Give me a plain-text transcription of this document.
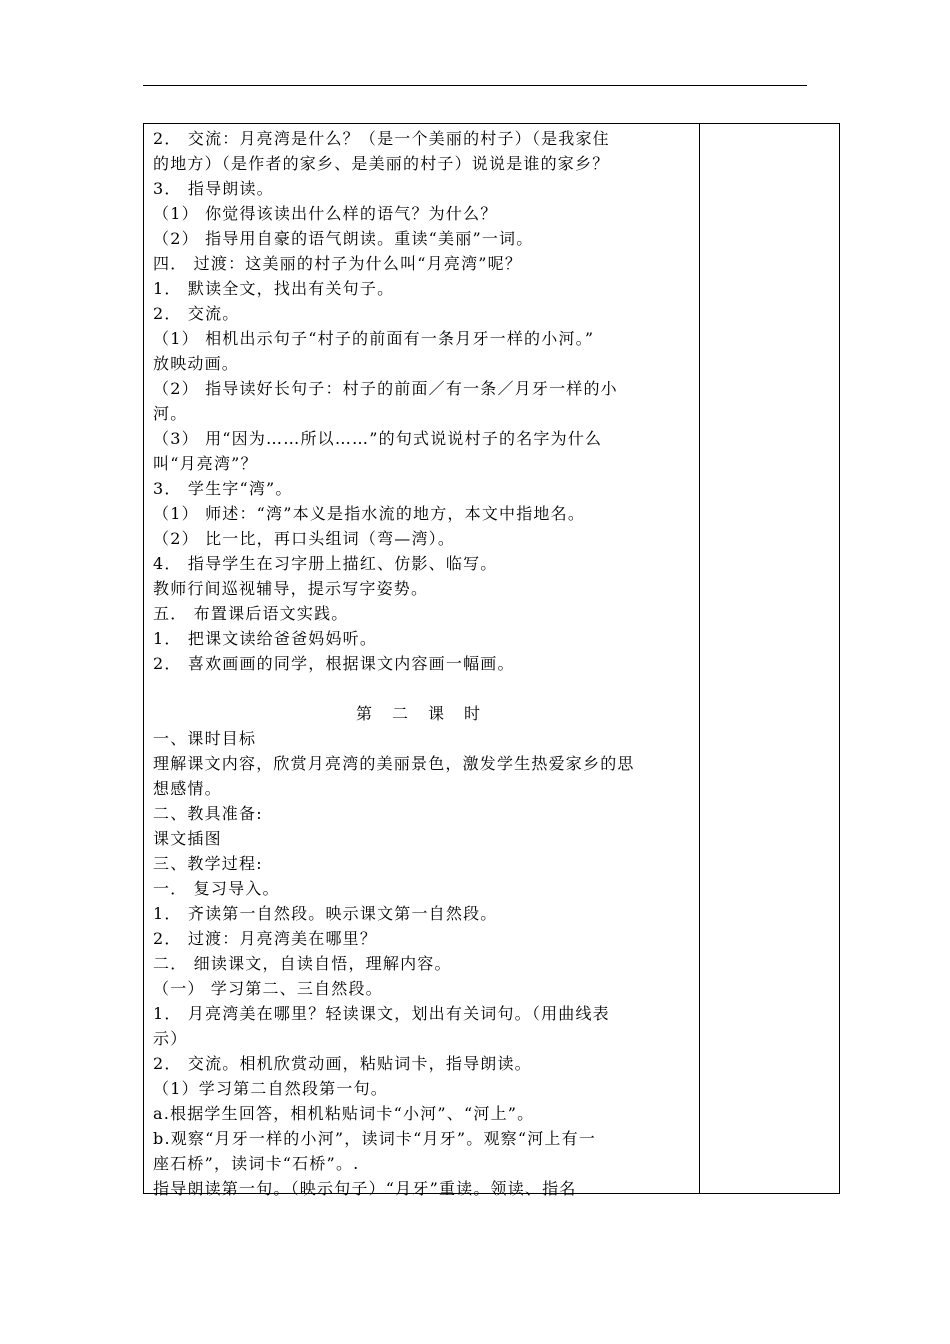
2． 交流：月亮湾是什么？（是一个美丽的村子）（是我家住
的地方）（是作者的家乡、是美丽的村子）说说是谁的家乡？
3． 指导朗读。
（1） 你觉得该读出什么样的语气？为什么？
（2） 指导用自豪的语气朗读。重读“美丽”一词。
四． 过渡：这美丽的村子为什么叫“月亮湾”呢？
1． 默读全文，找出有关句子。
2． 交流。
（1） 相机出示句子“村子的前面有一条月牙一样的小河。”
放映动画。
（2） 指导读好长句子：村子的前面／有一条／月牙一样的小
河。
（3） 用“因为……所以……”的句式说说村子的名字为什么
叫“月亮湾”？
3． 学生字“湾”。
（1） 师述：“湾”本义是指水流的地方，本文中指地名。
（2） 比一比，再口头组词（弯—湾）。
4． 指导学生在习字册上描红、仿影、临写。
教师行间巡视辅导，提示写字姿势。
五． 布置课后语文实践。
1． 把课文读给爸爸妈妈听。
2． 喜欢画画的同学，根据课文内容画一幅画。
第二课时
一、课时目标
理解课文内容，欣赏月亮湾的美丽景色，激发学生热爱家乡的思
想感情。
二、教具准备:
课文插图
三、教学过程:
一． 复习导入。
1． 齐读第一自然段。映示课文第一自然段。
2． 过渡：月亮湾美在哪里？
二． 细读课文，自读自悟，理解内容。
（一） 学习第二、三自然段。
1． 月亮湾美在哪里？轻读课文，划出有关词句。（用曲线表
示）
2． 交流。相机欣赏动画，粘贴词卡，指导朗读。
（1）学习第二自然段第一句。
a.根据学生回答，相机粘贴词卡“小河”、“河上”。
b.观察“月牙一样的小河”，读词卡“月牙”。观察“河上有一
座石桥”，读词卡“石桥”。.
指导朗读第一句。（映示句子）“月牙”重读。领读、指名
